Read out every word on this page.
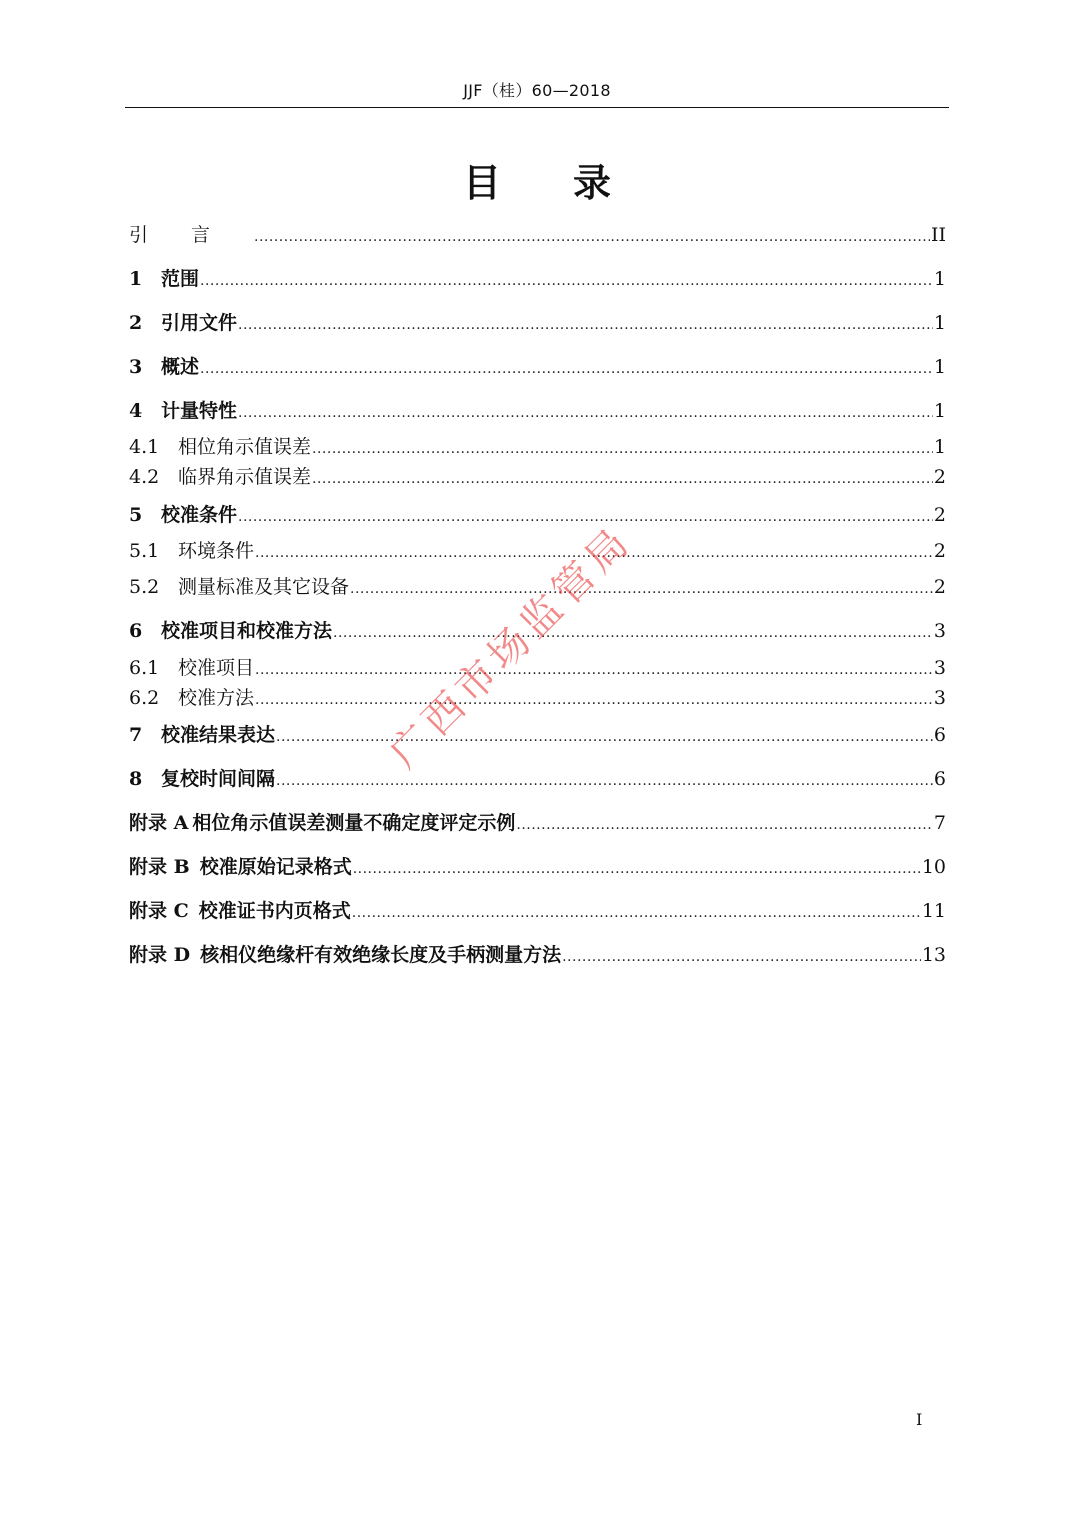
JJF（桂）60—2018
目录
引言 .....	II
1 范围 .....	1
2 引用文件 .....	1
3 概述 .....	1
4 计量特性 .....	1
4.1 相位角示值误差 .....	1
4.2 临界角示值误差 .....	2
5 校准条件 .....	2
5.1 环境条件 .....	2
5.2 测量标准及其它设备 .....	2
6 校准项目和校准方法 .....	3
6.1 校准项目 .....	3
6.2 校准方法 .....	3
7 校准结果表达 .....	6
8 复校时间间隔 .....	6
附录 A 相位角示值误差测量不确定度评定示例 .....	7
附录 B 校准原始记录格式 .....	10
附录 C 校准证书内页格式 .....	11
附录 D 核相仪绝缘杆有效绝缘长度及手柄测量方法 .....	13
广西市场监管局
I
